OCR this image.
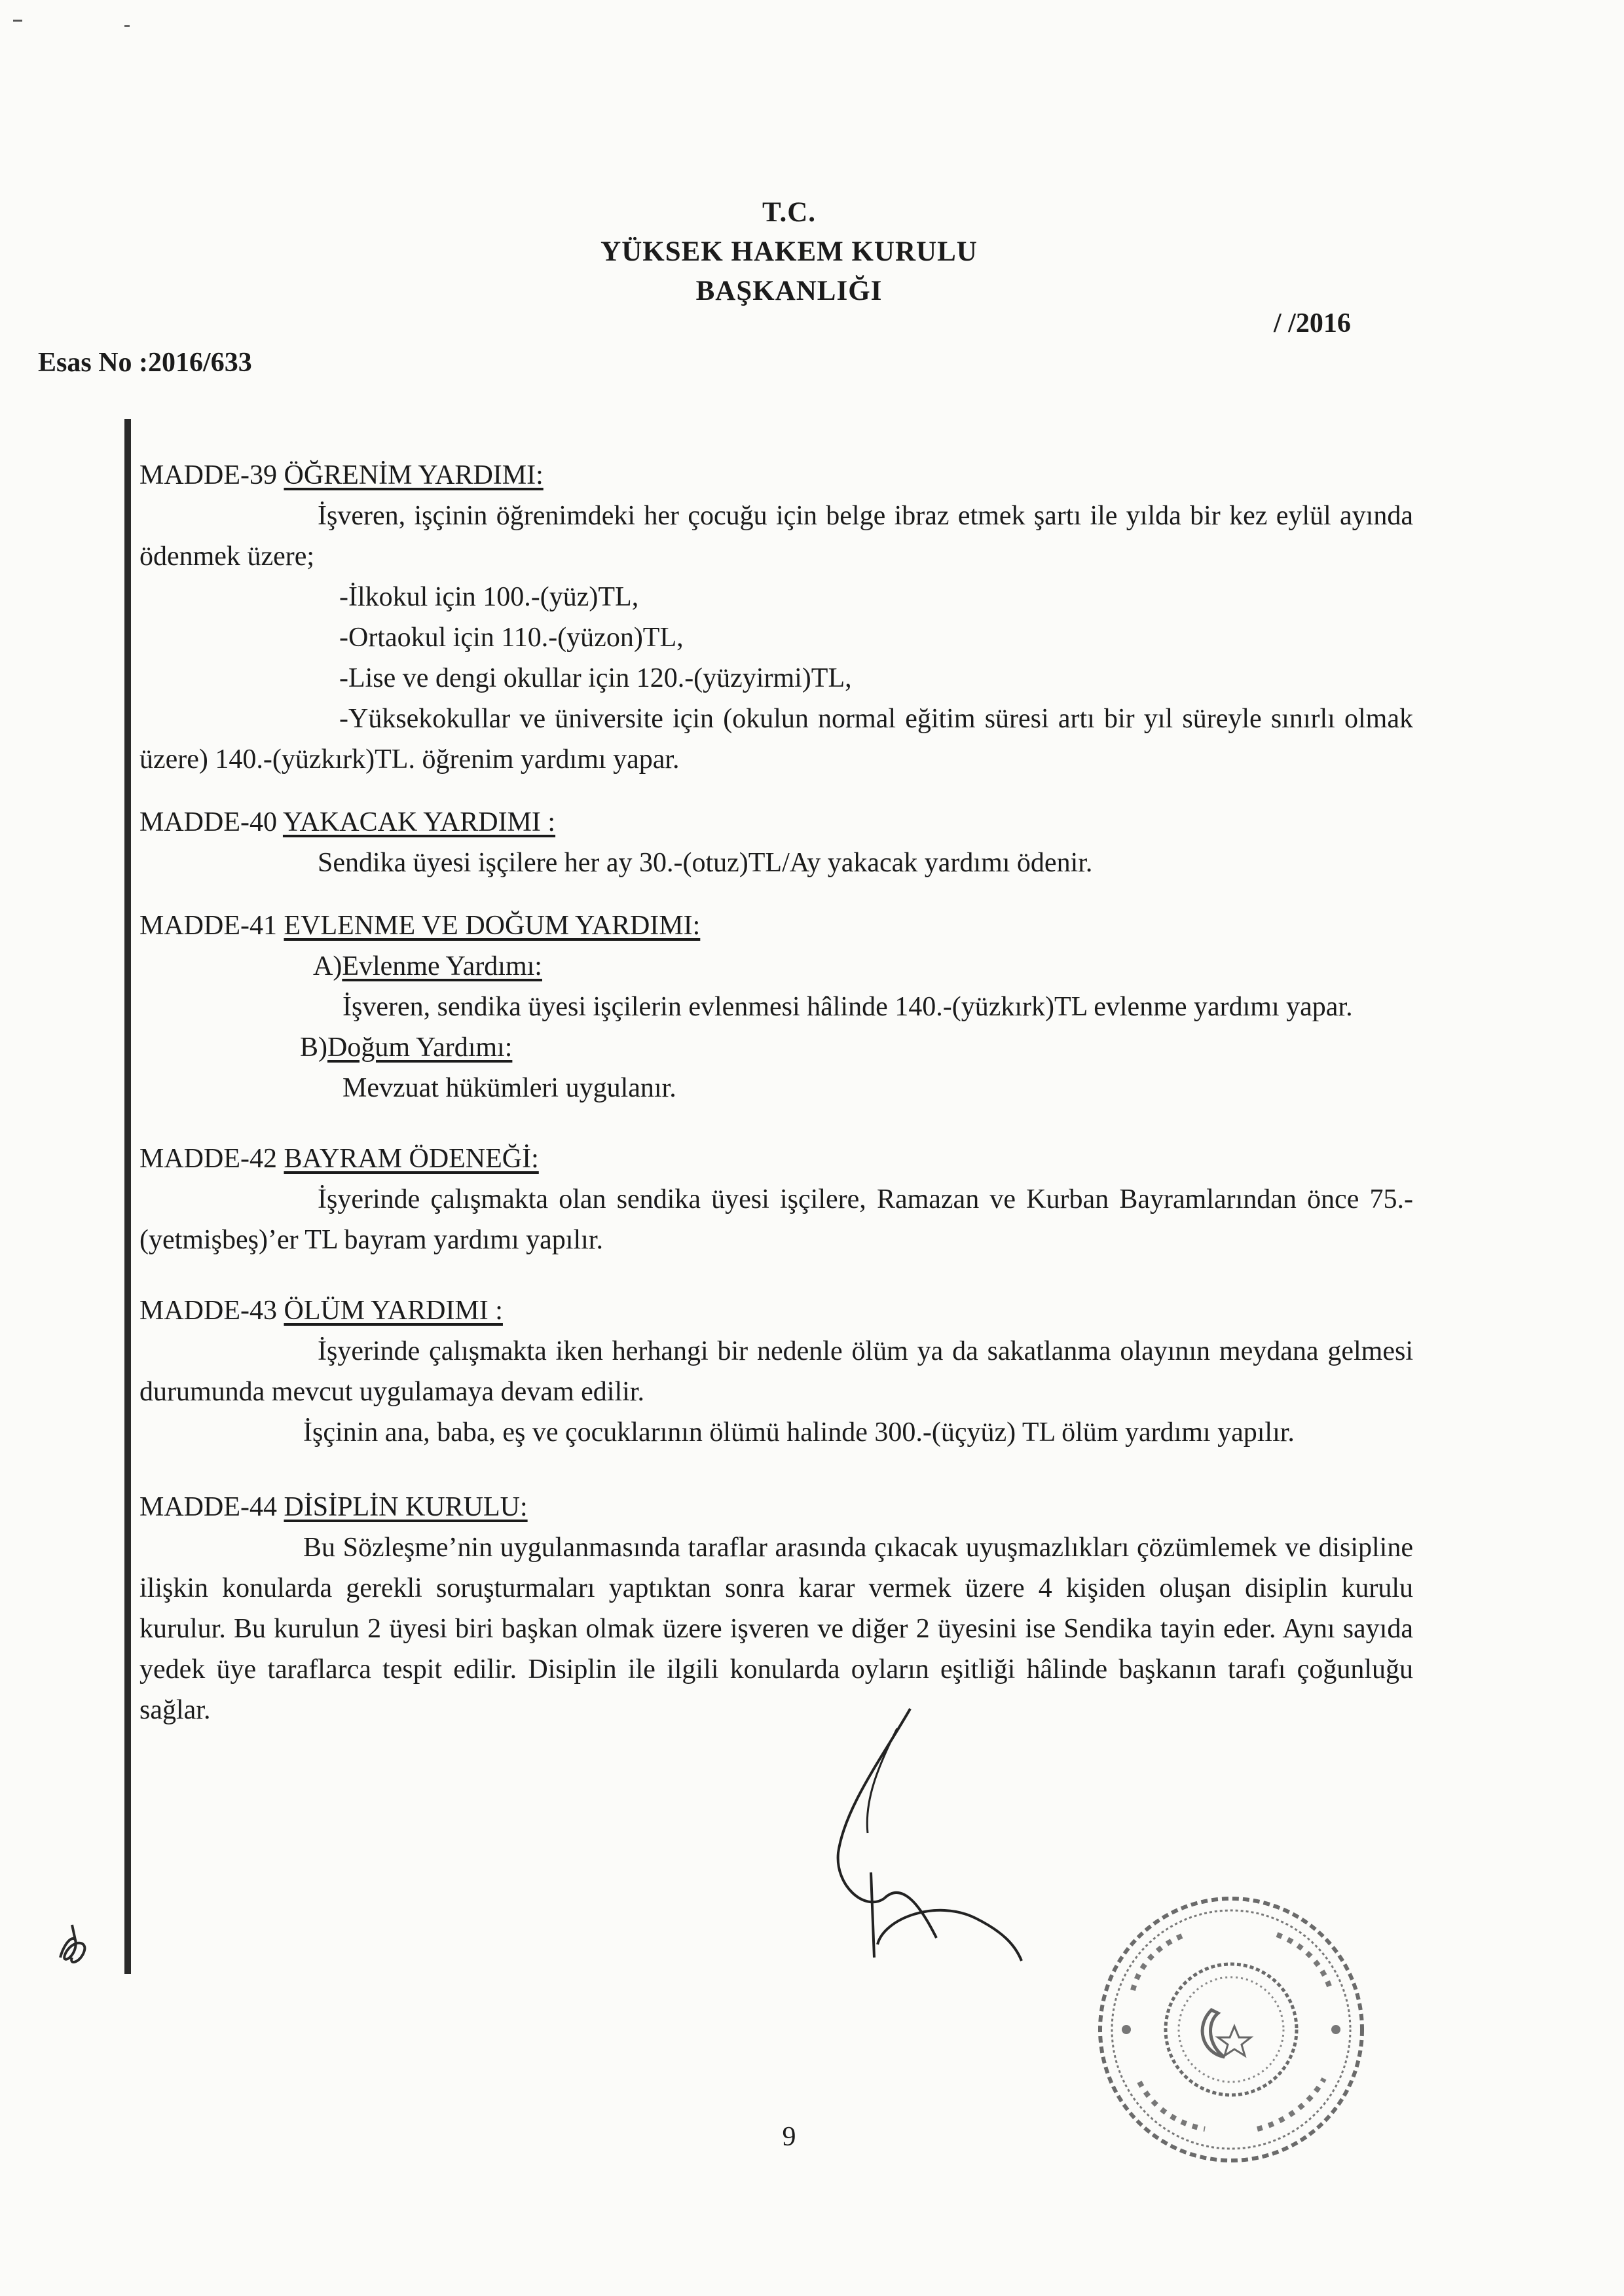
T.C.
YÜKSEK HAKEM KURULU
BAŞKANLIĞI
/ /2016
Esas No :2016/633

MADDE-39 ÖĞRENİM YARDIMI:

İşveren, işçinin öğrenimdeki her çocuğu için belge ibraz etmek şartı ile yılda bir kez eylül ayında ödenmek üzere;

-İlkokul için 100.-(yüz)TL,

-Ortaokul için 110.-(yüzon)TL,

-Lise ve dengi okullar için 120.-(yüzyirmi)TL,

-Yüksekokullar ve üniversite için (okulun normal eğitim süresi artı bir yıl süreyle sınırlı olmak üzere) 140.-(yüzkırk)TL. öğrenim yardımı yapar.

MADDE-40 YAKACAK YARDIMI :

Sendika üyesi işçilere her ay 30.-(otuz)TL/Ay yakacak yardımı ödenir.

MADDE-41 EVLENME VE DOĞUM YARDIMI:

A)Evlenme Yardımı:

İşveren, sendika üyesi işçilerin evlenmesi hâlinde 140.-(yüzkırk)TL evlenme yardımı yapar.

B)Doğum Yardımı:

Mevzuat hükümleri uygulanır.

MADDE-42 BAYRAM ÖDENEĞİ:

İşyerinde çalışmakta olan sendika üyesi işçilere, Ramazan ve Kurban Bayramlarından önce 75.-(yetmişbeş)’er TL bayram yardımı yapılır.

MADDE-43 ÖLÜM YARDIMI :

İşyerinde çalışmakta iken herhangi bir nedenle ölüm ya da sakatlanma olayının meydana gelmesi durumunda mevcut uygulamaya devam edilir.

İşçinin ana, baba, eş ve çocuklarının ölümü halinde 300.-(üçyüz) TL ölüm yardımı yapılır.

MADDE-44 DİSİPLİN KURULU:

Bu Sözleşme’nin uygulanmasında taraflar arasında çıkacak uyuşmazlıkları çözümlemek ve disipline ilişkin konularda gerekli soruşturmaları yaptıktan sonra karar vermek üzere 4 kişiden oluşan disiplin kurulu kurulur. Bu kurulun 2 üyesi biri başkan olmak üzere işveren ve diğer 2 üyesini ise Sendika tayin eder. Aynı sayıda yedek üye taraflarca tespit edilir. Disiplin ile ilgili konularda oyların eşitliği hâlinde başkanın tarafı çoğunluğu sağlar.

9
